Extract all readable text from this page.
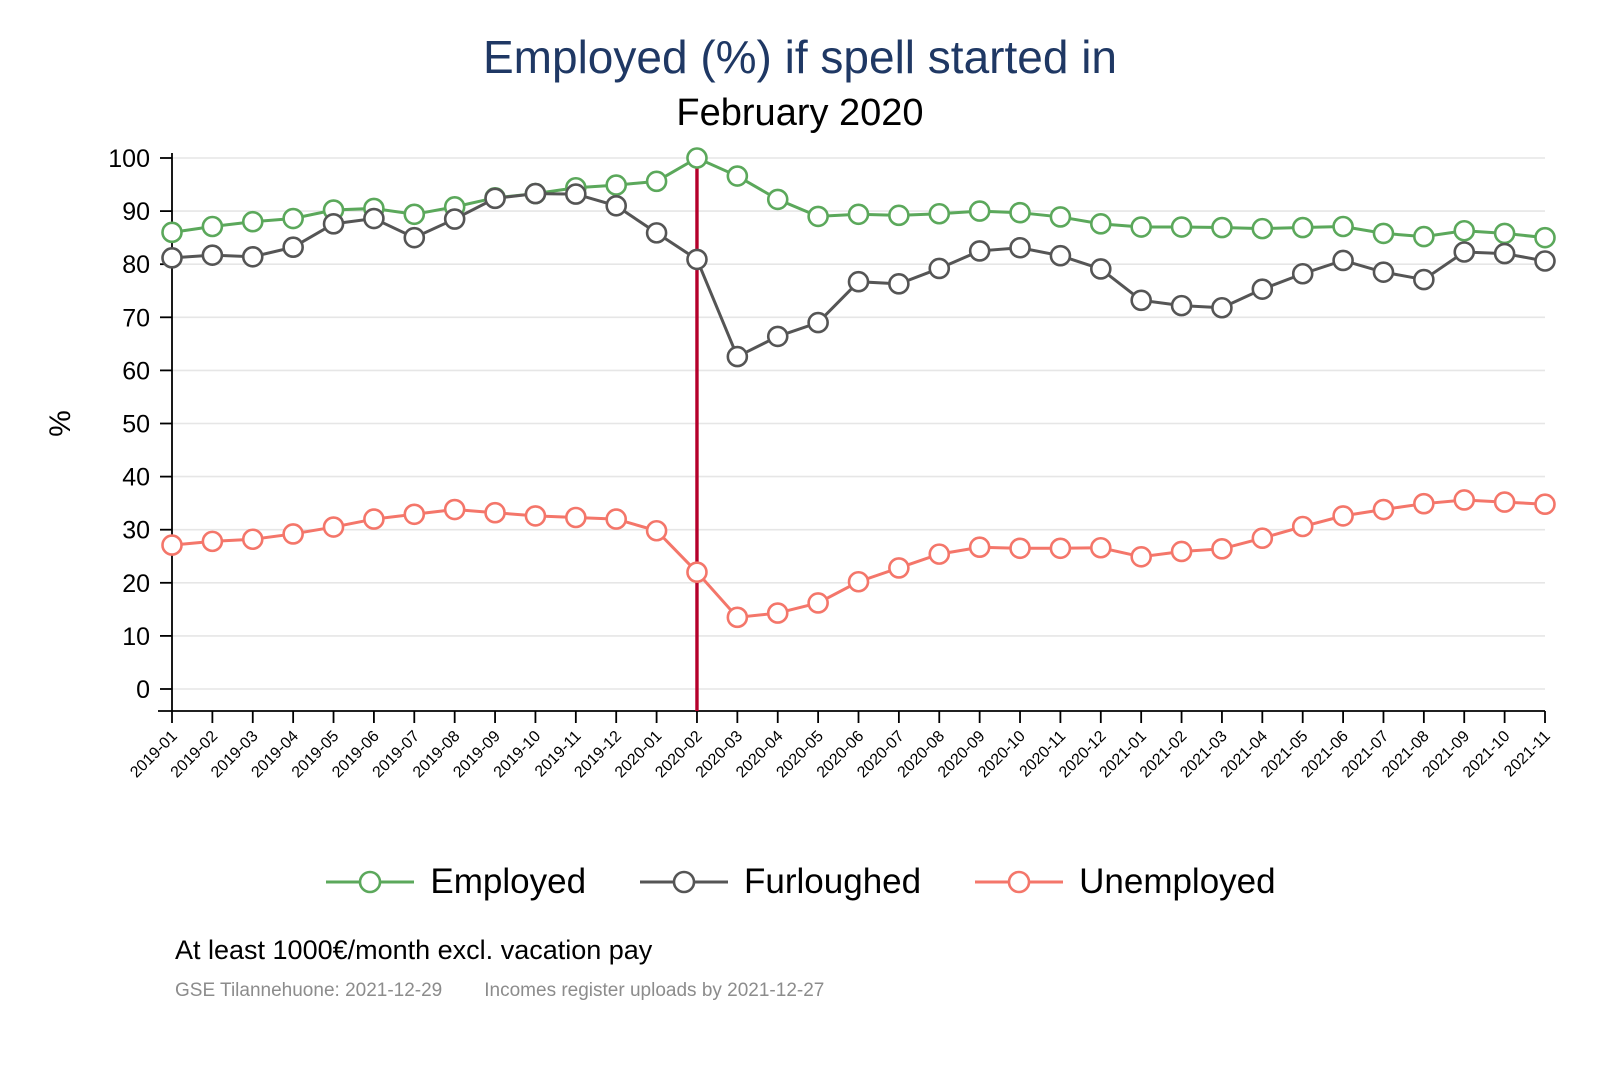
Employed (%) if spell started in
February 2020
0
10
20
30
40
50
60
70
80
90
100
2019-01
2019-02
2019-03
2019-04
2019-05
2019-06
2019-07
2019-08
2019-09
2019-10
2019-11
2019-12
2020-01
2020-02
2020-03
2020-04
2020-05
2020-06
2020-07
2020-08
2020-09
2020-10
2020-11
2020-12
2021-01
2021-02
2021-03
2021-04
2021-05
2021-06
2021-07
2021-08
2021-09
2021-10
2021-11
%
Employed	Furloughed	Unemployed
At least 1000€/month excl. vacation pay
GSE Tilannehuone: 2021-12-29 Incomes register uploads by 2021-12-27
